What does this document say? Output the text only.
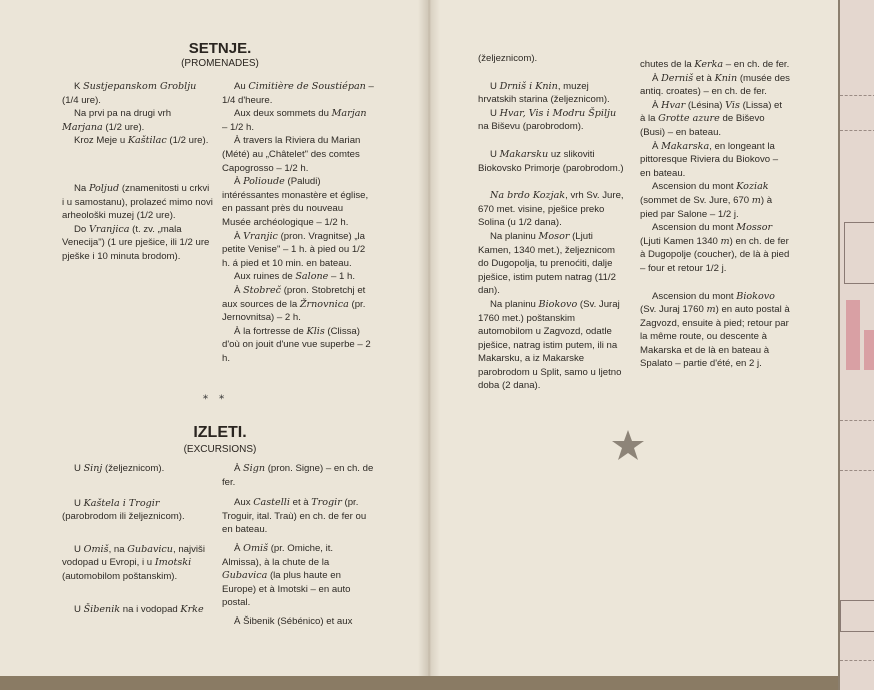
SETNJE.
(PROMENADES)

K Sustjepanskom Groblju (1/4 ure).

Na prvi pa na drugi vrh Marjana (1/2 ure).

Kroz Meje u Kaštilac (1/2 ure).

Na Poljud (znamenitosti u crkvi i u samostanu), prolazeć mimo novi arheološki muzej (1/2 ure).

Do Vranjica (t. zv. „mala Venecija") (1 ure pješice, ili 1/2 ure pješke i 10 minuta brodom).

Au Cimitière de Soustiépan – 1/4 d'heure.

Aux deux sommets du Marjan – 1/2 h.

À travers la Riviera du Marian (Mété) au „Châtelet" des comtes Capogrosso – 1/2 h.

À Polioude (Paludi) intéréssantes monastère et église, en passant près du nouveau Musée archéologique – 1/2 h.

À Vranjic (pron. Vragnitse) „la petite Venise" – 1 h. à pied ou 1/2 h. á pied et 10 min. en bateau.

Aux ruines de Salone – 1 h.

À Stobreč (pron. Stobretchj et aux sources de la Žrnovnica (pr. Jernovnitsa) – 2 h.

À la fortresse de Klis (Clissa) d'où on jouit d'une vue superbe – 2 h.

* *
IZLETI.
(EXCURSIONS)

U Sinj (željeznicom).

U Kaštela i Trogir (parobrodom ili željeznicom).

U Omiš, na Gubavicu, najviši vodopad u Evropi, i u Imotski (automobilom poštanskim).

U Šibenik na i vodopad Krke

À Sign (pron. Signe) – en ch. de fer.

Aux Castelli et à Trogir (pr. Troguir, ital. Traù) en ch. de fer ou en bateau.

À Omiš (pr. Omiche, it. Almissa), à la chute de la Gubavica (la plus haute en Europe) et à Imotski – en auto postal.

À Šibenik (Sébénico) et aux

(željeznicom).

U Drniš i Knin, muzej hrvatskih starina (željeznicom).

U Hvar, Vis i Modru Špilju na Biševu (parobrodom).

U Makarsku uz slikoviti Biokovsko Primorje (parobrodom.)

Na brdo Kozjak, vrh Sv. Jure, 670 met. visine, pješice preko Solina (u 1/2 dana).

Na planinu Mosor (Ljuti Kamen, 1340 met.), željeznicom do Dugopolja, tu prenoćiti, dalje pješice, istim putem natrag (11/2 dan).

Na planinu Biokovo (Sv. Juraj 1760 met.) poštanskim automobilom u Zagvozd, odatle pješice, natrag istim putem, ili na Makarsku, a iz Makarske parobrodom u Split, samo u ljetno doba (2 dana).

chutes de la Kerka – en ch. de fer.

À Derniš et à Knin (musée des antiq. croates) – en ch. de fer.

À Hvar (Lésina) Vis (Lissa) et à la Grotte azure de Biševo (Busi) – en bateau.

À Makarska, en longeant la pittoresque Riviera du Biokovo – en bateau.

Ascension du mont Koziak (sommet de Sv. Jure, 670 m) à pied par Salone – 1/2 j.

Ascension du mont Mossor (Ljuti Kamen 1340 m) en ch. de fer à Dugopolje (coucher), de là à pied – four et retour 1/2 j.

Ascension du mont Biokovo (Sv. Juraj 1760 m) en auto postal à Zagvozd, ensuite à pied; retour par la même route, ou descente à Makarska et de là en bateau à Spalato – partie d'été, en 2 j.
